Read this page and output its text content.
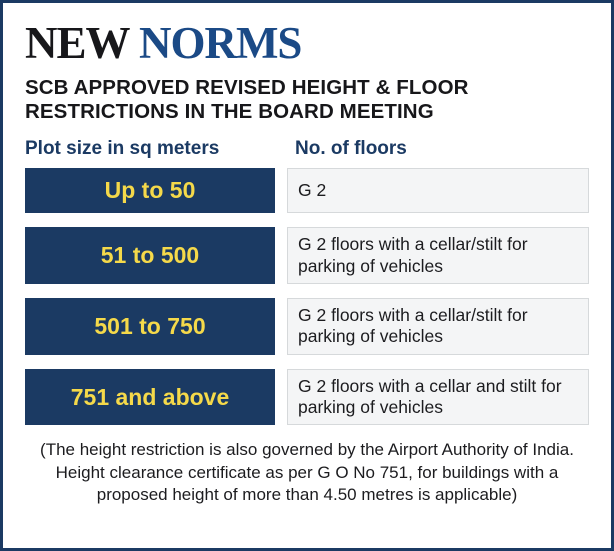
NEW NORMS
SCB APPROVED REVISED HEIGHT & FLOOR RESTRICTIONS IN THE BOARD MEETING
Plot size in sq meters	No. of floors
Up to 50	G 2
51 to 500	G 2 floors with a cellar/stilt for parking of vehicles
501 to 750	G 2 floors with a cellar/stilt for parking of vehicles
751 and above	G 2 floors with a cellar and stilt for parking of vehicles
(The height restriction is also governed by the Airport Authority of India. Height clearance certificate as per G O No 751, for buildings with a proposed height of more than 4.50 metres is applicable)
